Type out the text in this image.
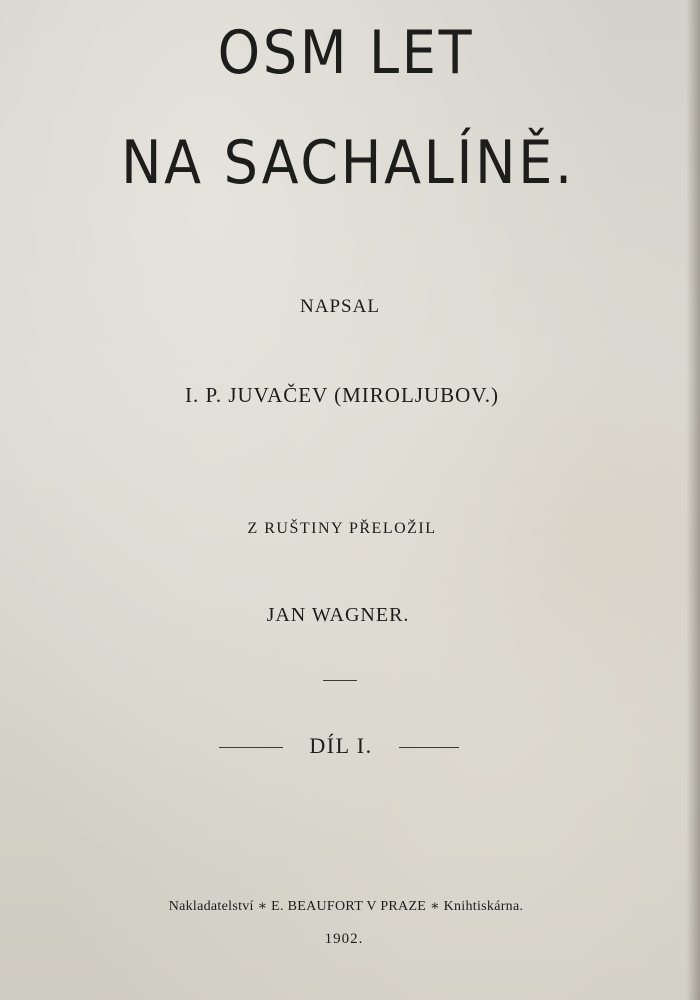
OSM LET
NA SACHALÍNĚ.
NAPSAL
I. P. JUVAČEV (MIROLJUBOV.)
Z RUŠTINY PŘELOŽIL
JAN WAGNER.
DÍL I.
Nakladatelství ∗ E. BEAUFORT V PRAZE ∗ Knihtiskárna.
1902.
